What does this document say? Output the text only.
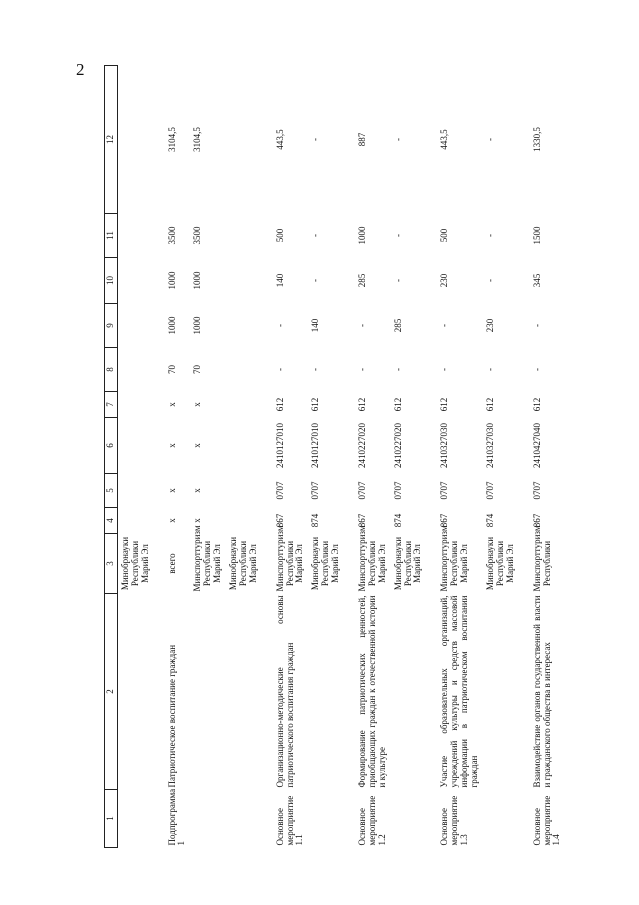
2
1	2	3	4	5	6	7	8	9	10	11	12
		Минобрнауки Республики Марий Эл									
Подпрограмма 1	Патриотическое воспитание граждан	всего	х	х	х	х	70	1000	1000	3500	3104,5
		Минспорттуризм Республики Марий Эл	х	х	х	х	70	1000	1000	3500	3104,5
		Минобрнауки Республики Марий Эл									
Основное мероприятие 1.1	Организационно-методические основы патриотического воспитания граждан	Минспорттуризм Республики Марий Эл	867	0707	2410127010	612	-	-	140	500	443,5
		Минобрнауки Республики Марий Эл	874	0707	2410127010	612	-	140	-	-	-
Основное мероприятие 1.2	Формирование патриотических ценностей, приобщающих граждан к отечественной истории и культуре	Минспорттуризм Республики Марий Эл	867	0707	2410227020	612	-	-	285	1000	887
		Минобрнауки Республики Марий Эл	874	0707	2410227020	612	-	285	-	-	-
Основное мероприятие 1.3	Участие образовательных организаций, учреждений культуры и средств массовой информации в патриотическом воспитании граждан	Минспорттуризм Республики Марий Эл	867	0707	2410327030	612	-	-	230	500	443,5
		Минобрнауки Республики Марий Эл	874	0707	2410327030	612	-	230	-	-	-
Основное мероприятие 1.4	Взаимодействие органов государственной власти и гражданского общества в интересах	Минспорттуризм Республики	867	0707	2410427040	612	-	-	345	1500	1330,5
